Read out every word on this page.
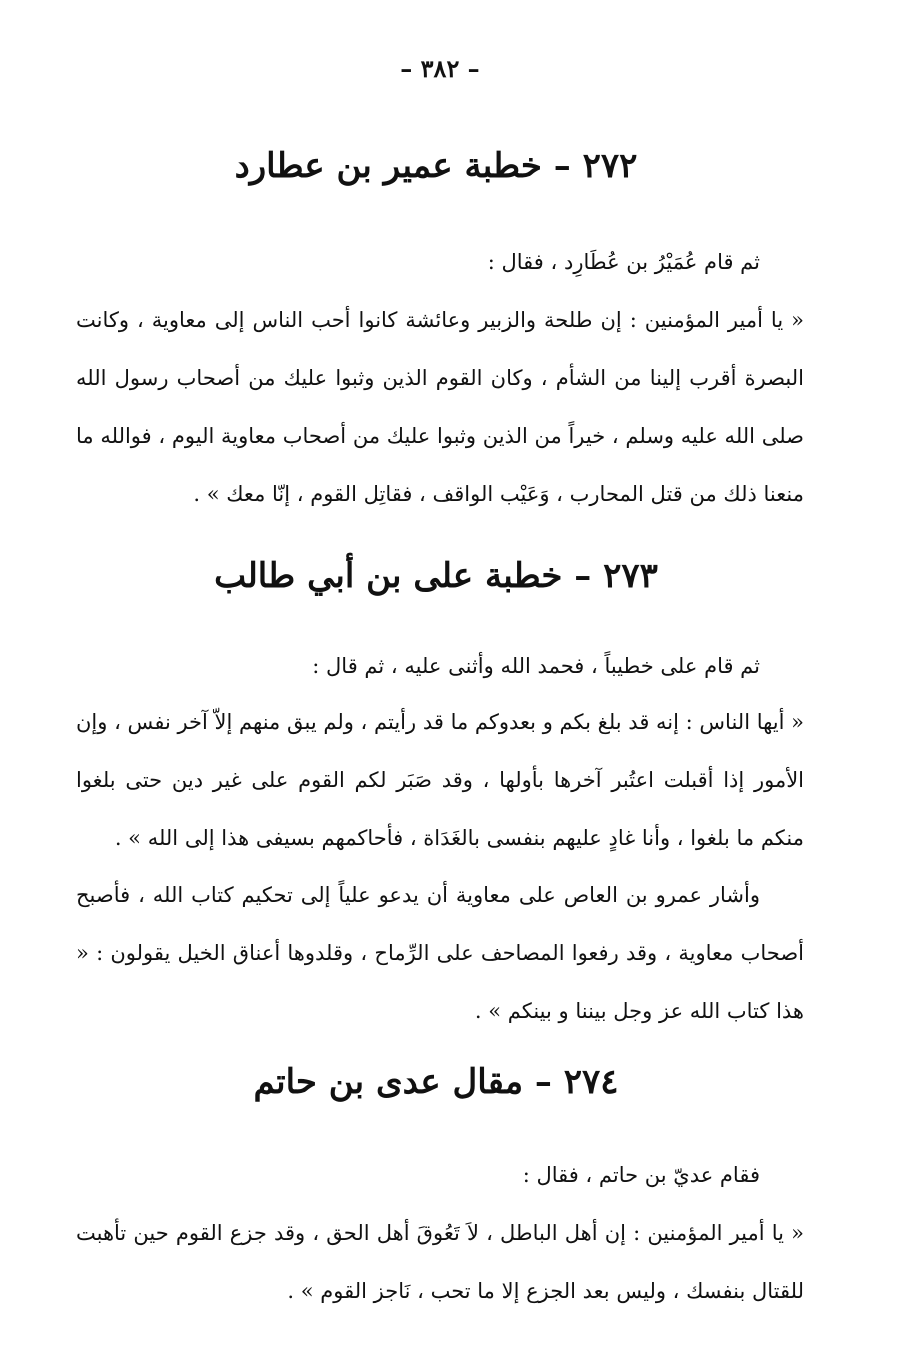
– ٣٨٢ –
٢٧٢ – خطبة عمير بن عطارد
ثم قام عُمَيْرُ بن عُطَارِد ، فقال :
« يا أمير المؤمنين : إن طلحة والزبير وعائشة كانوا أحب الناس إلى معاوية ، وكانت البصرة أقرب إلينا من الشأم ، وكان القوم الذين وثبوا عليك من أصحاب رسول الله صلى الله عليه وسلم ، خيراً من الذين وثبوا عليك من أصحاب معاوية اليوم ، فوالله ما منعنا ذلك من قتل المحارب ، وَعَيْب الواقف ، فقاتِل القوم ، إنّا معك » .
٢٧٣ – خطبة على بن أبي طالب
ثم قام على خطيباً ، فحمد الله وأثنى عليه ، ثم قال :
« أيها الناس : إنه قد بلغ بكم و بعدوكم ما قد رأيتم ، ولم يبق منهم إلاّ آخر نفس ، وإن الأمور إذا أقبلت اعتُبر آخرها بأولها ، وقد صَبَر لكم القوم على غير دين حتى بلغوا منكم ما بلغوا ، وأنا غادٍ عليهم بنفسى بالغَدَاة ، فأحاكمهم بسيفى هذا إلى الله » .
وأشار عمرو بن العاص على معاوية أن يدعو علياً إلى تحكيم كتاب الله ، فأصبح أصحاب معاوية ، وقد رفعوا المصاحف على الرِّماح ، وقلدوها أعناق الخيل يقولون : « هذا كتاب الله عز وجل بيننا و بينكم » .
٢٧٤ – مقال عدى بن حاتم
فقام عديّ بن حاتم ، فقال :
« يا أمير المؤمنين : إن أهل الباطل ، لاَ تَعُوقَ أهل الحق ، وقد جزع القوم حين تأهبت للقتال بنفسك ، وليس بعد الجزع إلا ما تحب ، نَاجز القوم » .
